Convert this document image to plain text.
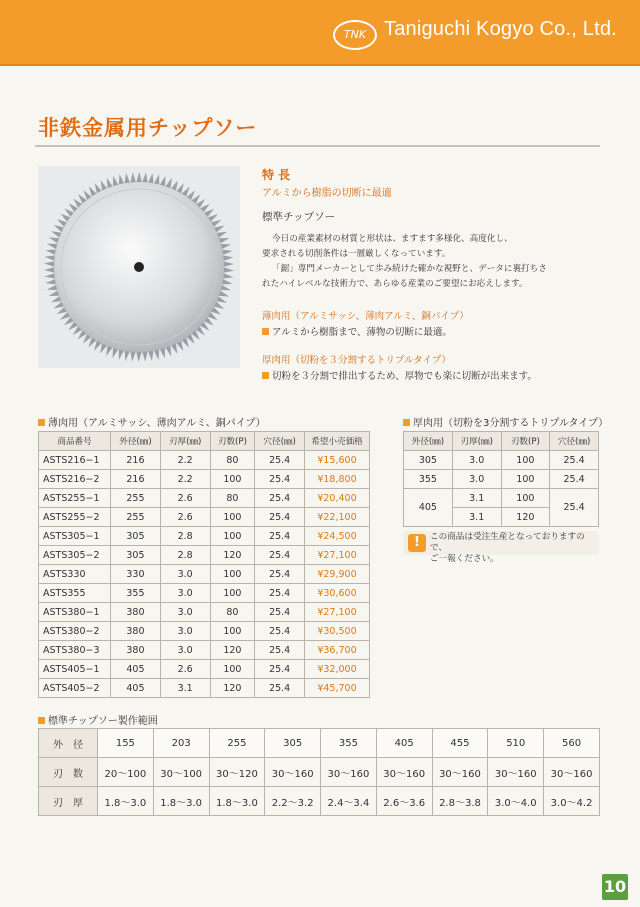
TNK Taniguchi Kogyo Co., Ltd.
非鉄金属用チップソー
特 長
アルミから樹脂の切断に最適
標準チップソー
今日の産業素材の材質と形状は、ますます多様化、高度化し、
要求される切削条件は一層厳しくなっています。
「鋸」専門メーカーとして歩み続けた確かな視野と、データに裏打ちさ
れたハイレベルな技術力で、あらゆる産業のご要望にお応えします。
薄肉用（アルミサッシ、薄肉アルミ、銅パイプ）
アルミから樹脂まで、薄物の切断に最適。
厚肉用（切粉を３分割するトリプルタイプ）
切粉を３分割で排出するため、厚物でも楽に切断が出来ます。
薄肉用（アルミサッシ、薄肉アルミ、銅パイプ）
商品番号	外径(㎜)	刃厚(㎜)	刃数(P)	穴径(㎜)	希望小売価格
ASTS216−1	216	2.2	80	25.4	¥15,600
ASTS216−2	216	2.2	100	25.4	¥18,800
ASTS255−1	255	2.6	80	25.4	¥20,400
ASTS255−2	255	2.6	100	25.4	¥22,100
ASTS305−1	305	2.8	100	25.4	¥24,500
ASTS305−2	305	2.8	120	25.4	¥27,100
ASTS330	330	3.0	100	25.4	¥29,900
ASTS355	355	3.0	100	25.4	¥30,600
ASTS380−1	380	3.0	80	25.4	¥27,100
ASTS380−2	380	3.0	100	25.4	¥30,500
ASTS380−3	380	3.0	120	25.4	¥36,700
ASTS405−1	405	2.6	100	25.4	¥32,000
ASTS405−2	405	3.1	120	25.4	¥45,700
厚肉用（切粉を3分割するトリプルタイプ）
外径(㎜)	刃厚(㎜)	刃数(P)	穴径(㎜)
305	3.0	100	25.4
355	3.0	100	25.4
405	3.1	100	25.4
	3.1	120	
!	この商品は受注生産となっておりますので、
ご一報ください。
標準チップソー製作範囲
外　径	155	203	255	305	355	405	455	510	560
刃　数	20〜100	30〜100	30〜120	30〜160	30〜160	30〜160	30〜160	30〜160	30〜160
刃　厚	1.8〜3.0	1.8〜3.0	1.8〜3.0	2.2〜3.2	2.4〜3.4	2.6〜3.6	2.8〜3.8	3.0〜4.0	3.0〜4.2
10
